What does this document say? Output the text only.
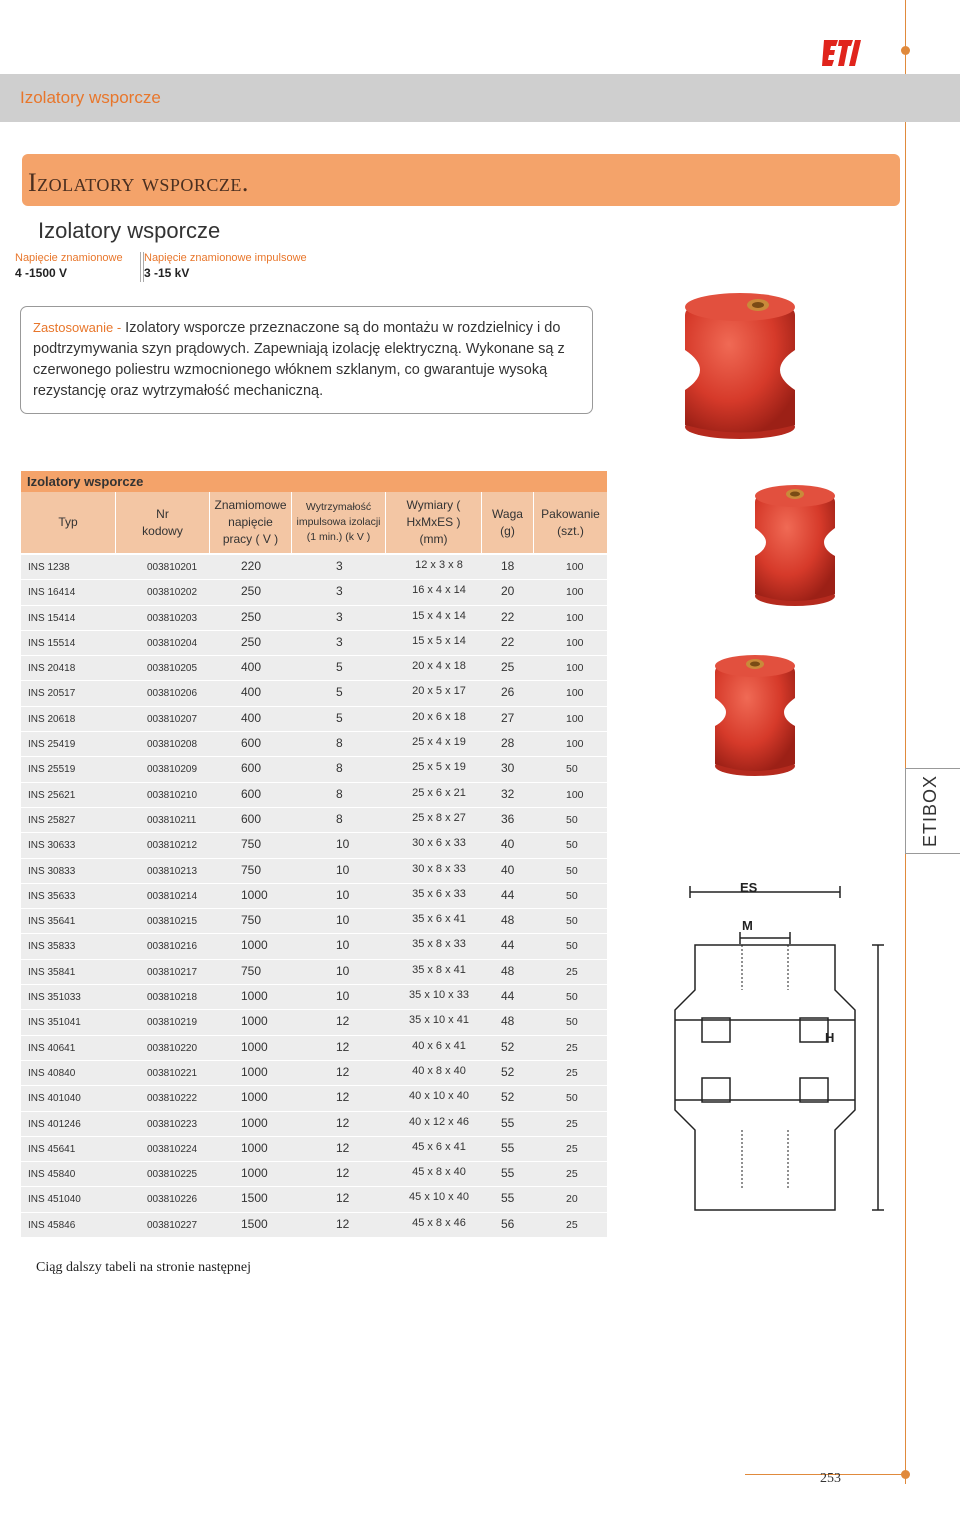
Izolatory wsporcze
Izolatory wsporcze.
Izolatory wsporcze
Napięcie znamionowe
4 -1500 V
Napięcie znamionowe impulsowe
3 -15 kV
Zastosowanie - Izolatory wsporcze przeznaczone są do montażu w rozdzielnicy i do podtrzymywania szyn prądowych. Zapewniają izolację elektryczną. Wykonane są z czerwonego poliestru wzmocnionego włóknem szklanym, co gwarantuje wysoką rezystancję oraz wytrzymałość mechaniczną.
Izolatory wsporcze
Typ
Nr kodowy
Znamiomowe napięcie pracy ( V )
Wytrzymałość impulsowa izolacji (1 min.) (k V )
Wymiary ( HxMxES ) (mm)
Waga (g)
Pakowanie (szt.)
INS 1238	003810201	220	3	12 x 3 x 8	18	100
INS 16414	003810202	250	3	16 x 4 x 14	20	100
INS 15414	003810203	250	3	15 x 4 x 14	22	100
INS 15514	003810204	250	3	15 x 5 x 14	22	100
INS 20418	003810205	400	5	20 x 4 x 18	25	100
INS 20517	003810206	400	5	20 x 5 x 17	26	100
INS 20618	003810207	400	5	20 x 6 x 18	27	100
INS 25419	003810208	600	8	25 x 4 x 19	28	100
INS 25519	003810209	600	8	25 x 5 x 19	30	50
INS 25621	003810210	600	8	25 x 6 x 21	32	100
INS 25827	003810211	600	8	25 x 8 x 27	36	50
INS 30633	003810212	750	10	30 x 6 x 33	40	50
INS 30833	003810213	750	10	30 x 8 x 33	40	50
INS 35633	003810214	1000	10	35 x 6 x 33	44	50
INS 35641	003810215	750	10	35 x 6 x 41	48	50
INS 35833	003810216	1000	10	35 x 8 x 33	44	50
INS 35841	003810217	750	10	35 x 8 x 41	48	25
INS 351033	003810218	1000	10	35 x 10 x 33	44	50
INS 351041	003810219	1000	12	35 x 10 x 41	48	50
INS 40641	003810220	1000	12	40 x 6 x 41	52	25
INS 40840	003810221	1000	12	40 x 8 x 40	52	25
INS 401040	003810222	1000	12	40 x 10 x 40	52	50
INS 401246	003810223	1000	12	40 x 12 x 46	55	25
INS 45641	003810224	1000	12	45 x 6 x 41	55	25
INS 45840	003810225	1000	12	45 x 8 x 40	55	25
INS 451040	003810226	1500	12	45 x 10 x 40	55	20
INS 45846	003810227	1500	12	45 x 8 x 46	56	25
Ciąg dalszy tabeli na stronie następnej
ETIBOX
ES
M
H
253
